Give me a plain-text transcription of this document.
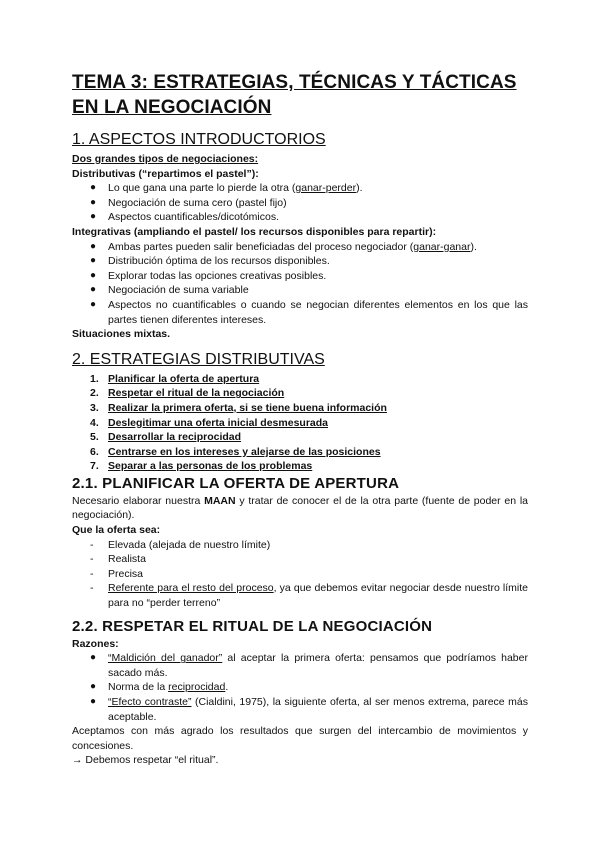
TEMA 3: ESTRATEGIAS, TÉCNICAS Y TÁCTICAS EN LA NEGOCIACIÓN
1. ASPECTOS INTRODUCTORIOS

Dos grandes tipos de negociaciones:

Distributivas (“repartimos el pastel”):

● Lo que gana una parte lo pierde la otra (ganar-perder).
● Negociación de suma cero (pastel fijo)
● Aspectos cuantificables/dicotómicos.

Integrativas (ampliando el pastel/ los recursos disponibles para repartir):

● Ambas partes pueden salir beneficiadas del proceso negociador (ganar-ganar).
● Distribución óptima de los recursos disponibles.
● Explorar todas las opciones creativas posibles.
● Negociación de suma variable
● Aspectos no cuantificables o cuando se negocian diferentes elementos en los que las partes tienen diferentes intereses.

Situaciones mixtas.

2. ESTRATEGIAS DISTRIBUTIVAS
1. Planificar la oferta de apertura
2. Respetar el ritual de la negociación
3. Realizar la primera oferta, si se tiene buena información
4. Deslegitimar una oferta inicial desmesurada
5. Desarrollar la reciprocidad
6. Centrarse en los intereses y alejarse de las posiciones
7. Separar a las personas de los problemas
2.1. PLANIFICAR LA OFERTA DE APERTURA

Necesario elaborar nuestra MAAN y tratar de conocer el de la otra parte (fuente de poder en la negociación).

Que la oferta sea:

- Elevada (alejada de nuestro límite)
- Realista
- Precisa
- Referente para el resto del proceso, ya que debemos evitar negociar desde nuestro límite para no “perder terreno”
2.2. RESPETAR EL RITUAL DE LA NEGOCIACIÓN

Razones:

● “Maldición del ganador” al aceptar la primera oferta: pensamos que podríamos haber sacado más.
● Norma de la reciprocidad.
● “Efecto contraste” (Cialdini, 1975), la siguiente oferta, al ser menos extrema, parece más aceptable.

Aceptamos con más agrado los resultados que surgen del intercambio de movimientos y concesiones.

→ Debemos respetar “el ritual”.
